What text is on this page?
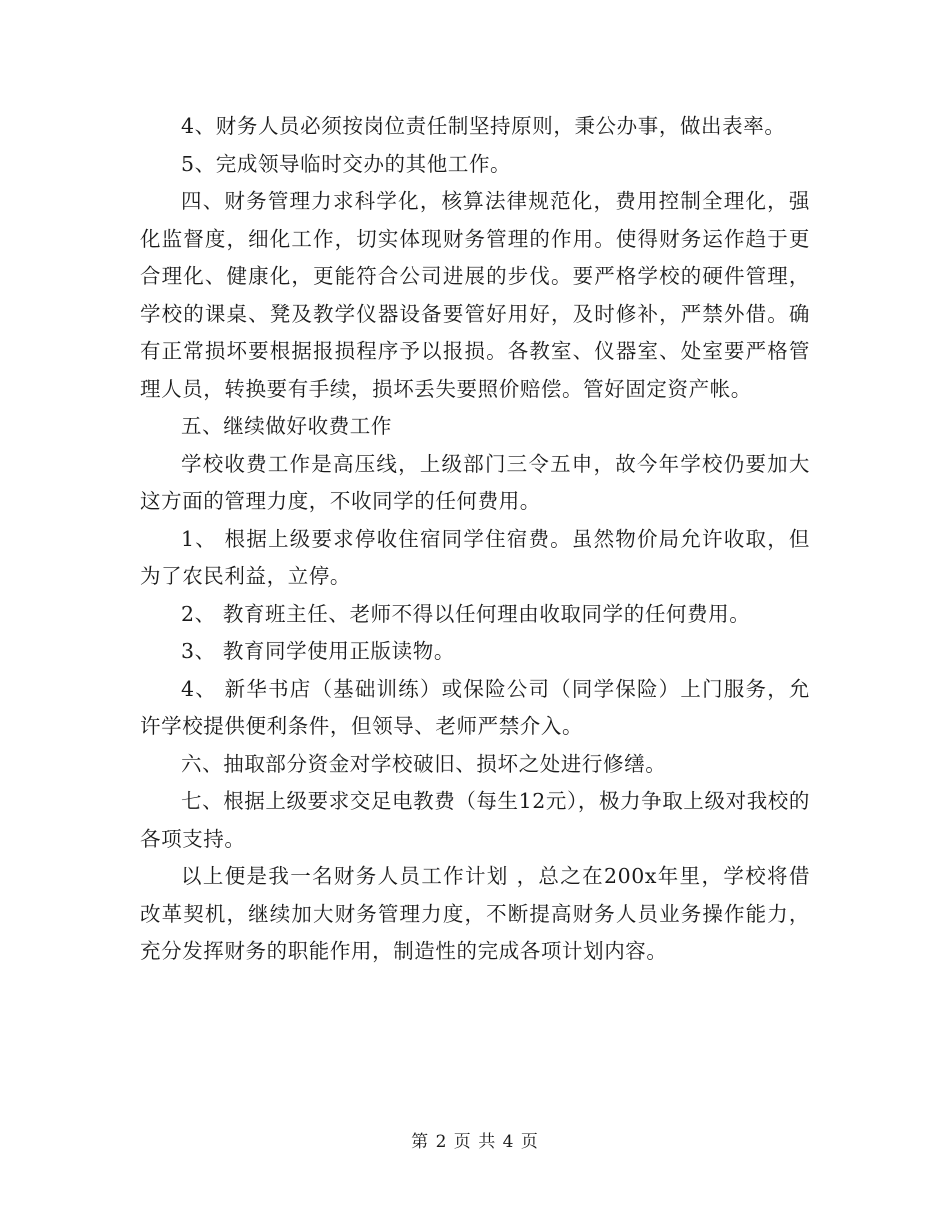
4、财务人员必须按岗位责任制坚持原则，秉公办事，做出表率。

5、完成领导临时交办的其他工作。

四、财务管理力求科学化，核算法律规范化，费用控制全理化，强化监督度，细化工作，切实体现财务管理的作用。使得财务运作趋于更合理化、健康化，更能符合公司进展的步伐。要严格学校的硬件管理，学校的课桌、凳及教学仪器设备要管好用好，及时修补，严禁外借。确有正常损坏要根据报损程序予以报损。各教室、仪器室、处室要严格管理人员，转换要有手续，损坏丢失要照价赔偿。管好固定资产帐。

五、继续做好收费工作

学校收费工作是高压线，上级部门三令五申，故今年学校仍要加大这方面的管理力度，不收同学的任何费用。

1、 根据上级要求停收住宿同学住宿费。虽然物价局允许收取，但为了农民利益，立停。

2、 教育班主任、老师不得以任何理由收取同学的任何费用。

3、 教育同学使用正版读物。

4、 新华书店（基础训练）或保险公司（同学保险）上门服务，允许学校提供便利条件，但领导、老师严禁介入。

六、抽取部分资金对学校破旧、损坏之处进行修缮。

七、根据上级要求交足电教费（每生12元），极力争取上级对我校的各项支持。

以上便是我一名财务人员工作计划 ，总之在200x年里，学校将借改革契机，继续加大财务管理力度，不断提高财务人员业务操作能力，充分发挥财务的职能作用，制造性的完成各项计划内容。

第 2 页 共 4 页
